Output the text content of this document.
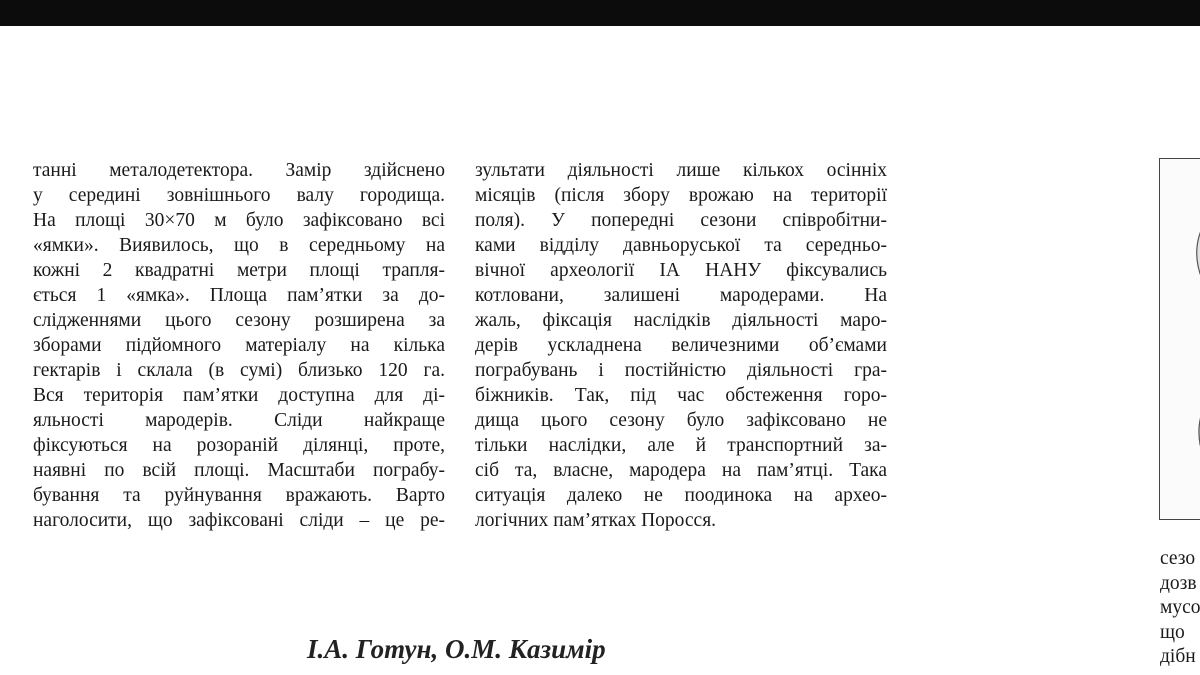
танні металодетектора. Замір здійснено
у середині зовнішнього валу городища.
На площі 30×70 м було зафіксовано всі
«ямки». Виявилось, що в середньому на
кожні 2 квадратні метри площі трапля-
ється 1 «ямка». Площа пам’ятки за до-
слідженнями цього сезону розширена за
зборами підйомного матеріалу на кілька
гектарів і склала (в сумі) близько 120 га.
Вся територія пам’ятки доступна для ді-
яльності мародерів. Сліди найкраще
фіксуються на розораній ділянці, проте,
наявні по всій площі. Масштаби пограбу-
бування та руйнування вражають. Варто
наголосити, що зафіксовані сліди – це ре-
зультати діяльності лише кількох осінніх
місяців (після збору врожаю на території
поля). У попередні сезони співробітни-
ками відділу давньоруської та середньо-
вічної археології ІА НАНУ фіксувались
котловани, залишені мародерами. На
жаль, фіксація наслідків діяльності маро-
дерів ускладнена величезними об’ємами
пограбувань і постійністю діяльності гра-
біжників. Так, під час обстеження горо-
дища цього сезону було зафіксовано не
тільки наслідки, але й транспортний за-
сіб та, власне, мародера на пам’ятці. Така
ситуація далеко не поодинока на архео-
логічних пам’ятках Поросся.
І.А. Готун, О.М. Казимір
сезо
дозв
мусо
що
дібн
